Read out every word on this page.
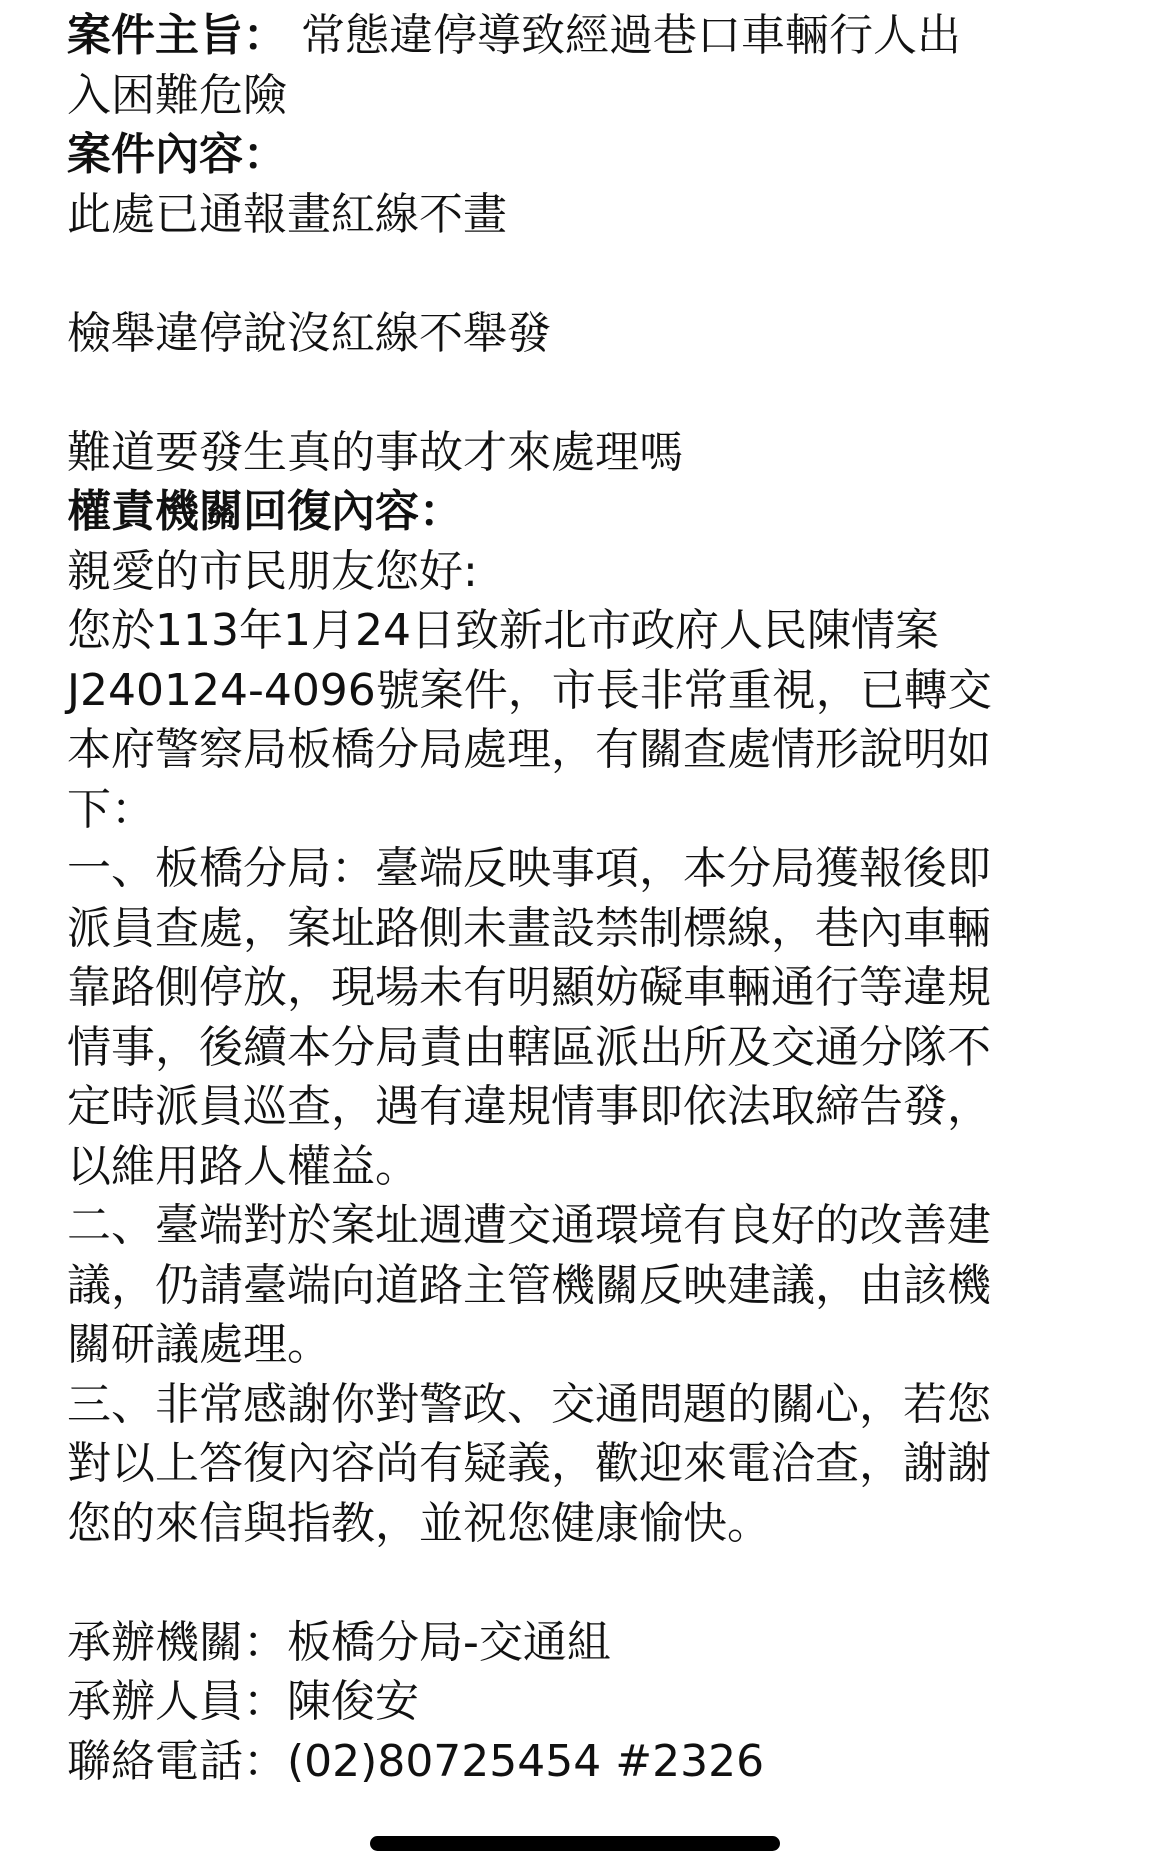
案件主旨： 常態違停導致經過巷口車輛行人出
入困難危險
案件內容：
此處已通報畫紅線不畫
檢舉違停說沒紅線不舉發
難道要發生真的事故才來處理嗎
權責機關回復內容：
親愛的市民朋友您好:
您於113年1月24日致新北市政府人民陳情案
J240124-4096號案件，市長非常重視，已轉交
本府警察局板橋分局處理，有關查處情形說明如
下：
一、板橋分局：臺端反映事項，本分局獲報後即
派員查處，案址路側未畫設禁制標線，巷內車輛
靠路側停放，現場未有明顯妨礙車輛通行等違規
情事，後續本分局責由轄區派出所及交通分隊不
定時派員巡查，遇有違規情事即依法取締告發，
以維用路人權益。
二、臺端對於案址週遭交通環境有良好的改善建
議，仍請臺端向道路主管機關反映建議，由該機
關研議處理。
三、非常感謝你對警政、交通問題的關心，若您
對以上答復內容尚有疑義，歡迎來電洽查，謝謝
您的來信與指教，並祝您健康愉快。
承辦機關：板橋分局-交通組
承辦人員：陳俊安
聯絡電話：(02)80725454 #2326
